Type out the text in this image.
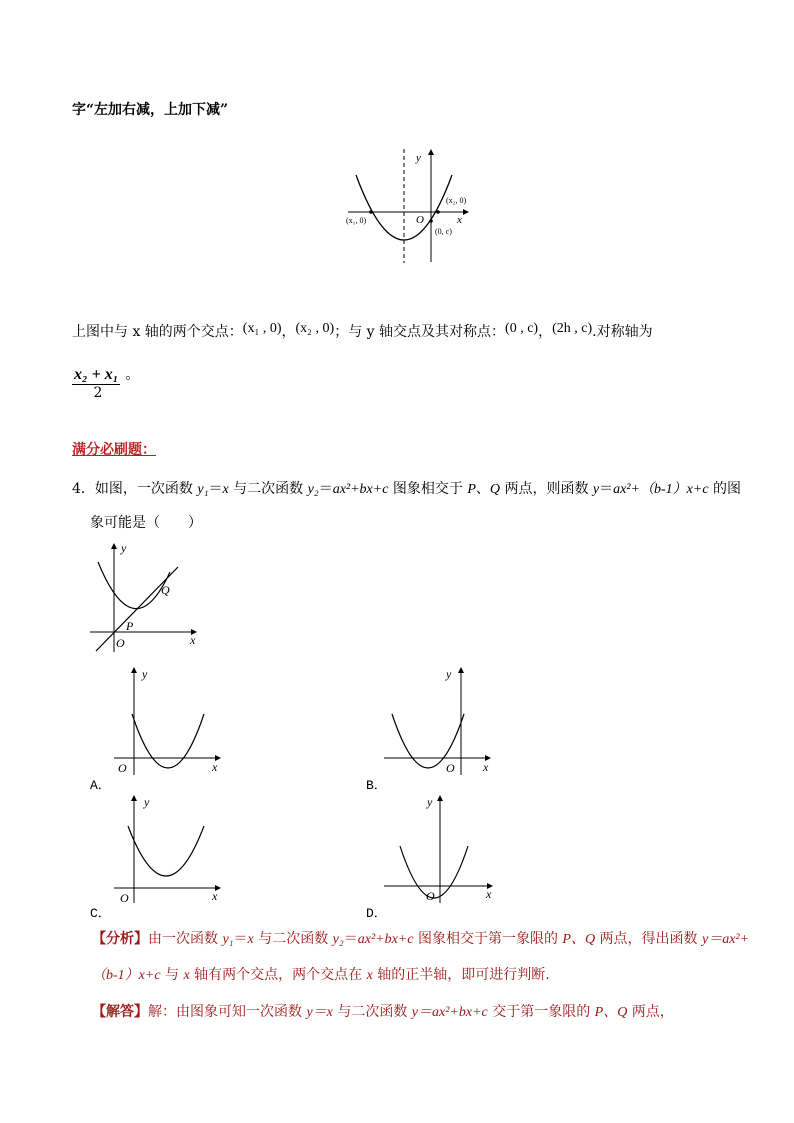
字“左加右减，上加下减”
y
x
O
(x₁, 0)
(x₂, 0)
(0, c)
上图中与 x 轴的两个交点：(x₁ , 0)，(x₂ , 0)；与 y 轴交点及其对称点：(0 , c)，(2h , c).对称轴为
x₂ + x₁ 。
2
满分必刷题：
4．如图，一次函数 y₁＝x 与二次函数 y₂＝ax²+bx+c 图象相交于 P、Q 两点，则函数 y＝ax²+（b-1）x+c 的图
象可能是（　　）
y
x
O
P
Q
y
x
O
A．
y
x
O
B．
y
x
O
C．
y
x
O
D．
【分析】由一次函数 y₁＝x 与二次函数 y₂＝ax²+bx+c 图象相交于第一象限的 P、Q 两点，得出函数 y＝ax²+
（b-1）x+c 与 x 轴有两个交点，两个交点在 x 轴的正半轴，即可进行判断.
【解答】解：由图象可知一次函数 y＝x 与二次函数 y＝ax²+bx+c 交于第一象限的 P、Q 两点，
